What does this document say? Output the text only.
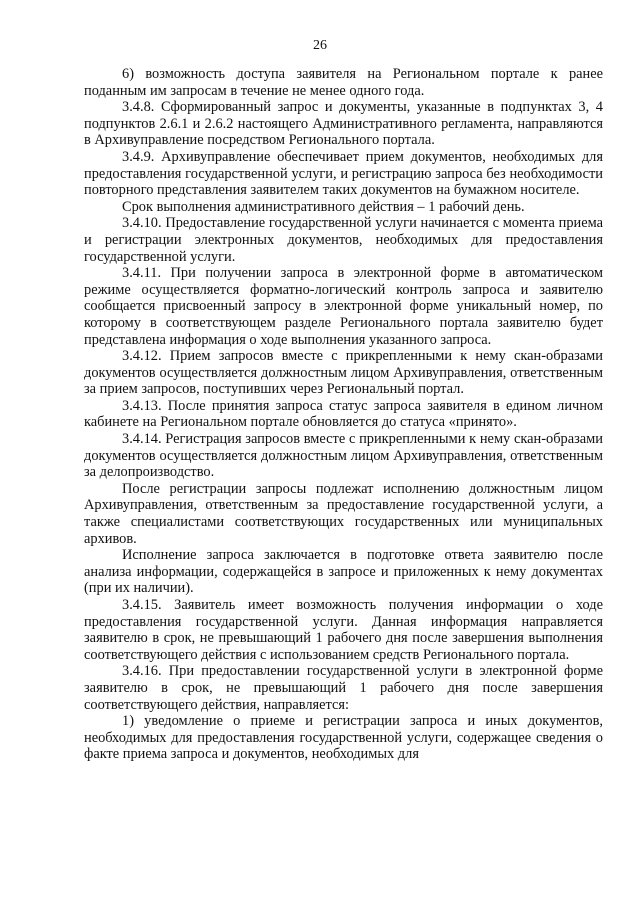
26

6) возможность доступа заявителя на Региональном портале к ранее поданным им запросам в течение не менее одного года.

3.4.8. Сформированный запрос и документы, указанные в подпунктах 3, 4 подпунктов 2.6.1 и 2.6.2 настоящего Административного регламента, направляются в Архивуправление посредством Регионального портала.

3.4.9. Архивуправление обеспечивает прием документов, необходимых для предоставления государственной услуги, и регистрацию запроса без необходимости повторного представления заявителем таких документов на бумажном носителе.

Срок выполнения административного действия – 1 рабочий день.

3.4.10. Предоставление государственной услуги начинается с момента приема и регистрации электронных документов, необходимых для предоставления государственной услуги.

3.4.11. При получении запроса в электронной форме в автоматическом режиме осуществляется форматно-логический контроль запроса и заявителю сообщается присвоенный запросу в электронной форме уникальный номер, по которому в соответствующем разделе Регионального портала заявителю будет представлена информация о ходе выполнения указанного запроса.

3.4.12. Прием запросов вместе с прикрепленными к нему скан-образами документов осуществляется должностным лицом Архивуправления, ответственным за прием запросов, поступивших через Региональный портал.

3.4.13. После принятия запроса статус запроса заявителя в едином личном кабинете на Региональном портале обновляется до статуса «принято».

3.4.14. Регистрация запросов вместе с прикрепленными к нему скан-образами документов осуществляется должностным лицом Архивуправления, ответственным за делопроизводство.

После регистрации запросы подлежат исполнению должностным лицом Архивуправления, ответственным за предоставление государственной услуги, а также специалистами соответствующих государственных или муниципальных архивов.

Исполнение запроса заключается в подготовке ответа заявителю после анализа информации, содержащейся в запросе и приложенных к нему документах (при их наличии).

3.4.15. Заявитель имеет возможность получения информации о ходе предоставления государственной услуги. Данная информация направляется заявителю в срок, не превышающий 1 рабочего дня после завершения выполнения соответствующего действия с использованием средств Регионального портала.

3.4.16. При предоставлении государственной услуги в электронной форме заявителю в срок, не превышающий 1 рабочего дня после завершения соответствующего действия, направляется:

1) уведомление о приеме и регистрации запроса и иных документов, необходимых для предоставления государственной услуги, содержащее сведения о факте приема запроса и документов, необходимых для
